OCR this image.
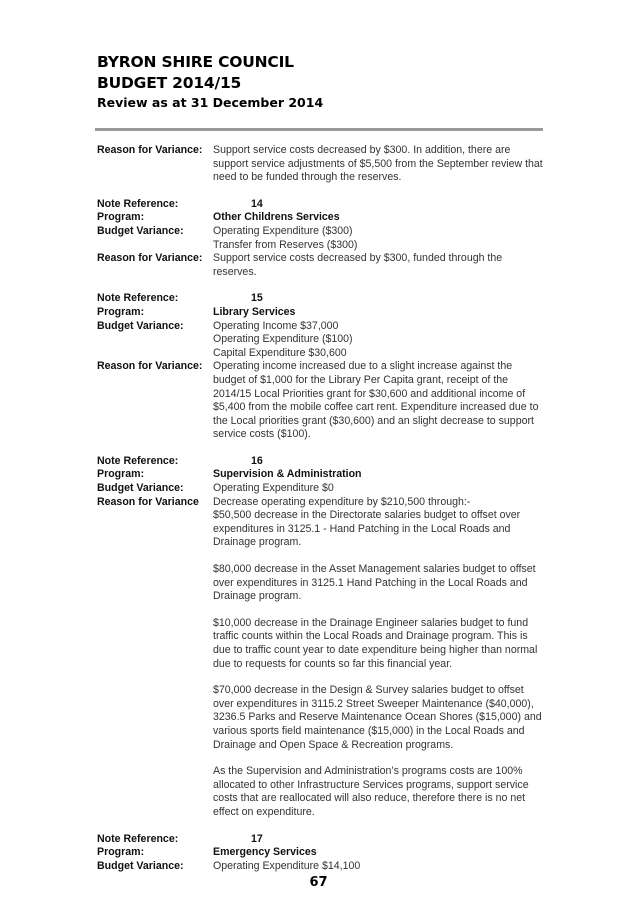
BYRON SHIRE COUNCIL
BUDGET 2014/15
Review as at 31 December 2014
Reason for Variance:	Support service costs decreased by $300. In addition, there are support service adjustments of $5,500 from the September review that need to be funded through the reserves.
Note Reference:	14
Program:	Other Childrens Services
Budget Variance:	Operating Expenditure ($300)
Transfer from Reserves ($300)
Reason for Variance:	Support service costs decreased by $300, funded through the reserves.
Note Reference:	15
Program:	Library Services
Budget Variance:	Operating Income $37,000
Operating Expenditure ($100)
Capital Expenditure $30,600
Reason for Variance:	Operating income increased due to a slight increase against the budget of $1,000 for the Library Per Capita grant, receipt of the 2014/15 Local Priorities grant for $30,600 and additional income of $5,400 from the mobile coffee cart rent. Expenditure increased due to the Local priorities grant ($30,600) and an slight decrease to support service costs ($100).
Note Reference:	16
Program:	Supervision & Administration
Budget Variance:	Operating Expenditure $0
Reason for Variance	Decrease operating expenditure by $210,500 through:-
$50,500 decrease in the Directorate salaries budget to offset over expenditures in 3125.1 - Hand Patching in the Local Roads and Drainage program.
$80,000 decrease in the Asset Management salaries budget to offset over expenditures in 3125.1 Hand Patching in the Local Roads and Drainage program.
$10,000 decrease in the Drainage Engineer salaries budget to fund traffic counts within the Local Roads and Drainage program. This is due to traffic count year to date expenditure being higher than normal due to requests for counts so far this financial year.
$70,000 decrease in the Design & Survey salaries budget to offset over expenditures in 3115.2 Street Sweeper Maintenance ($40,000), 3236.5 Parks and Reserve Maintenance Ocean Shores ($15,000) and various sports field maintenance ($15,000) in the Local Roads and Drainage and Open Space & Recreation programs.
As the Supervision and Administration’s programs costs are 100% allocated to other Infrastructure Services programs, support service costs that are reallocated will also reduce, therefore there is no net effect on expenditure.
Note Reference:	17
Program:	Emergency Services
Budget Variance:	Operating Expenditure $14,100
67
